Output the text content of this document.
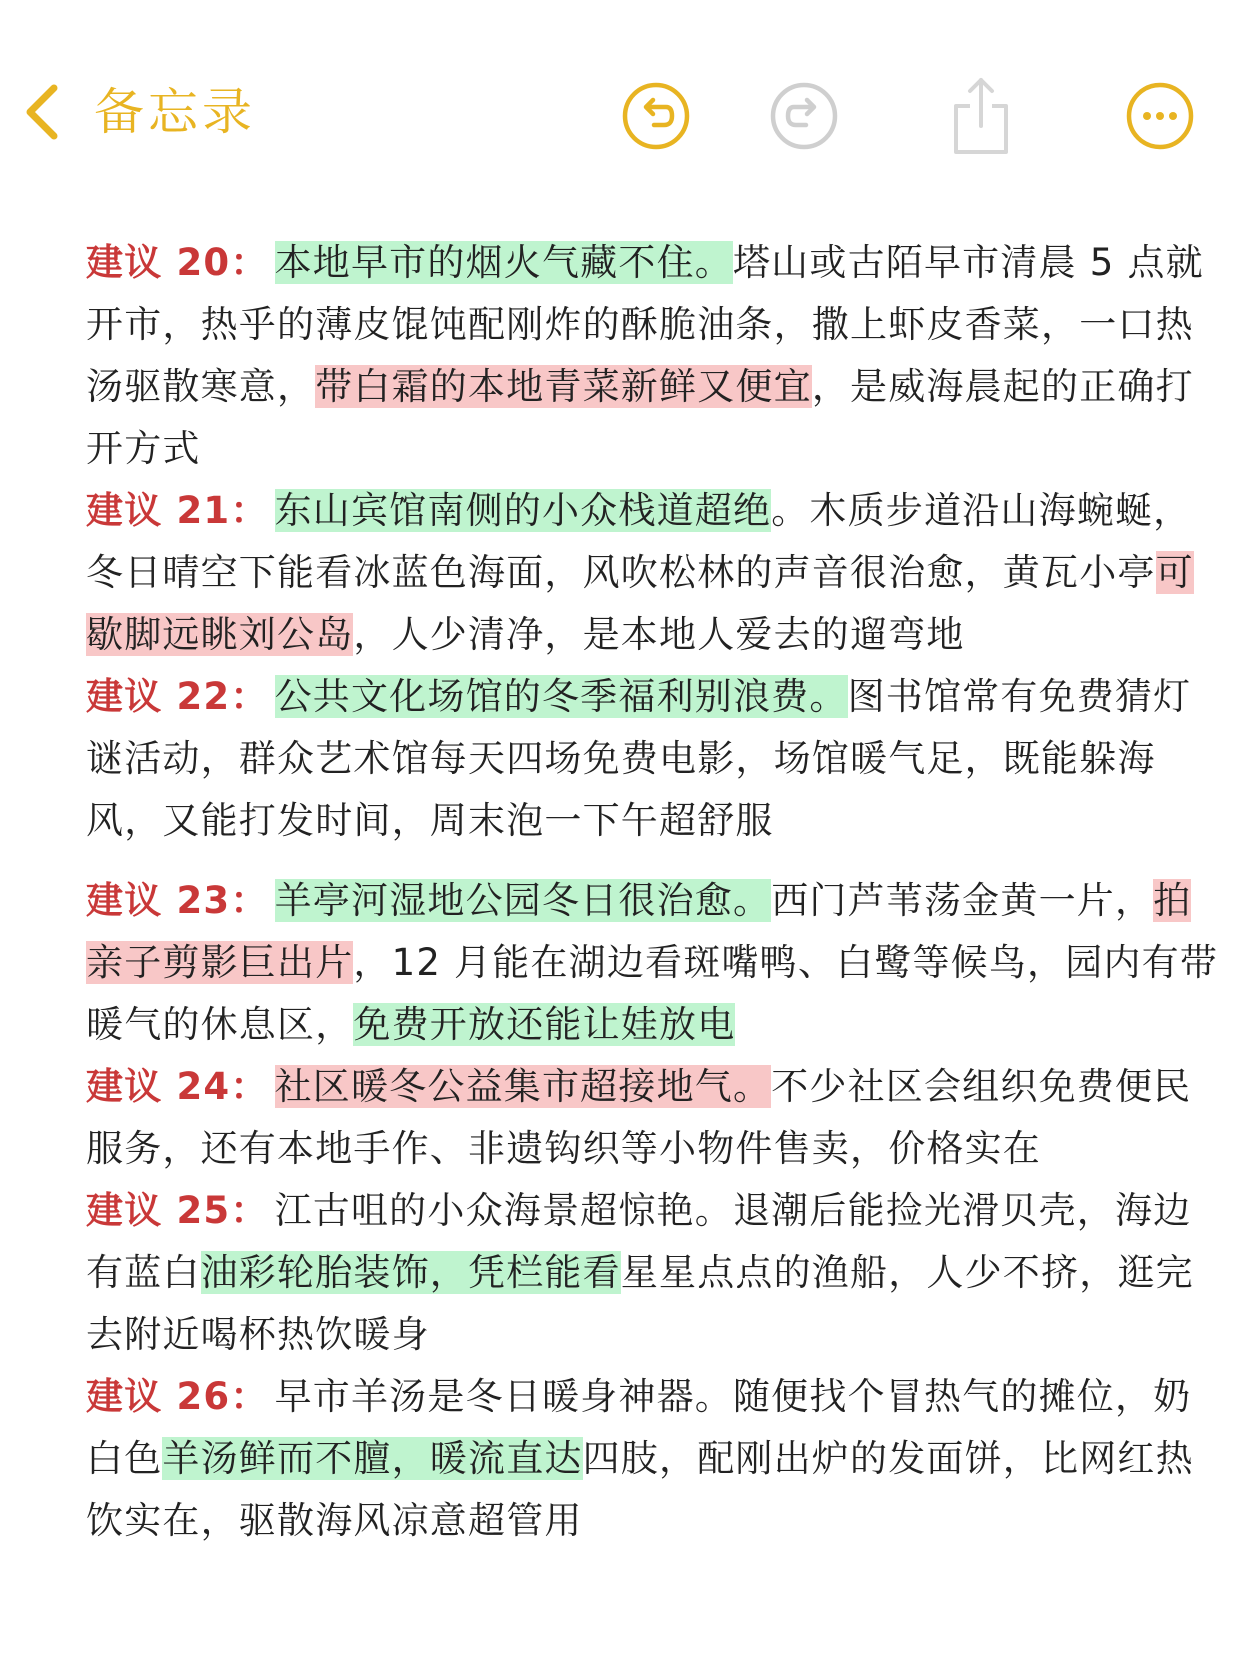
备忘录

建议 20： 本地早市的烟火气藏不住。塔山或古陌早市清晨 5 点就开市，热乎的薄皮馄饨配刚炸的酥脆油条，撒上虾皮香菜，一口热汤驱散寒意，带白霜的本地青菜新鲜又便宜，是威海晨起的正确打开方式

建议 21： 东山宾馆南侧的小众栈道超绝。木质步道沿山海蜿蜒，冬日晴空下能看冰蓝色海面，风吹松林的声音很治愈，黄瓦小亭可歇脚远眺刘公岛，人少清净，是本地人爱去的遛弯地

建议 22： 公共文化场馆的冬季福利别浪费。图书馆常有免费猜灯谜活动，群众艺术馆每天四场免费电影，场馆暖气足，既能躲海风，又能打发时间，周末泡一下午超舒服

建议 23： 羊亭河湿地公园冬日很治愈。西门芦苇荡金黄一片，拍亲子剪影巨出片，12 月能在湖边看斑嘴鸭、白鹭等候鸟，园内有带暖气的休息区，免费开放还能让娃放电

建议 24： 社区暖冬公益集市超接地气。不少社区会组织免费便民服务，还有本地手作、非遗钩织等小物件售卖，价格实在

建议 25： 江古咀的小众海景超惊艳。退潮后能捡光滑贝壳，海边有蓝白油彩轮胎装饰，凭栏能看星星点点的渔船，人少不挤，逛完去附近喝杯热饮暖身

建议 26： 早市羊汤是冬日暖身神器。随便找个冒热气的摊位，奶白色羊汤鲜而不膻，暖流直达四肢，配刚出炉的发面饼，比网红热饮实在，驱散海风凉意超管用
